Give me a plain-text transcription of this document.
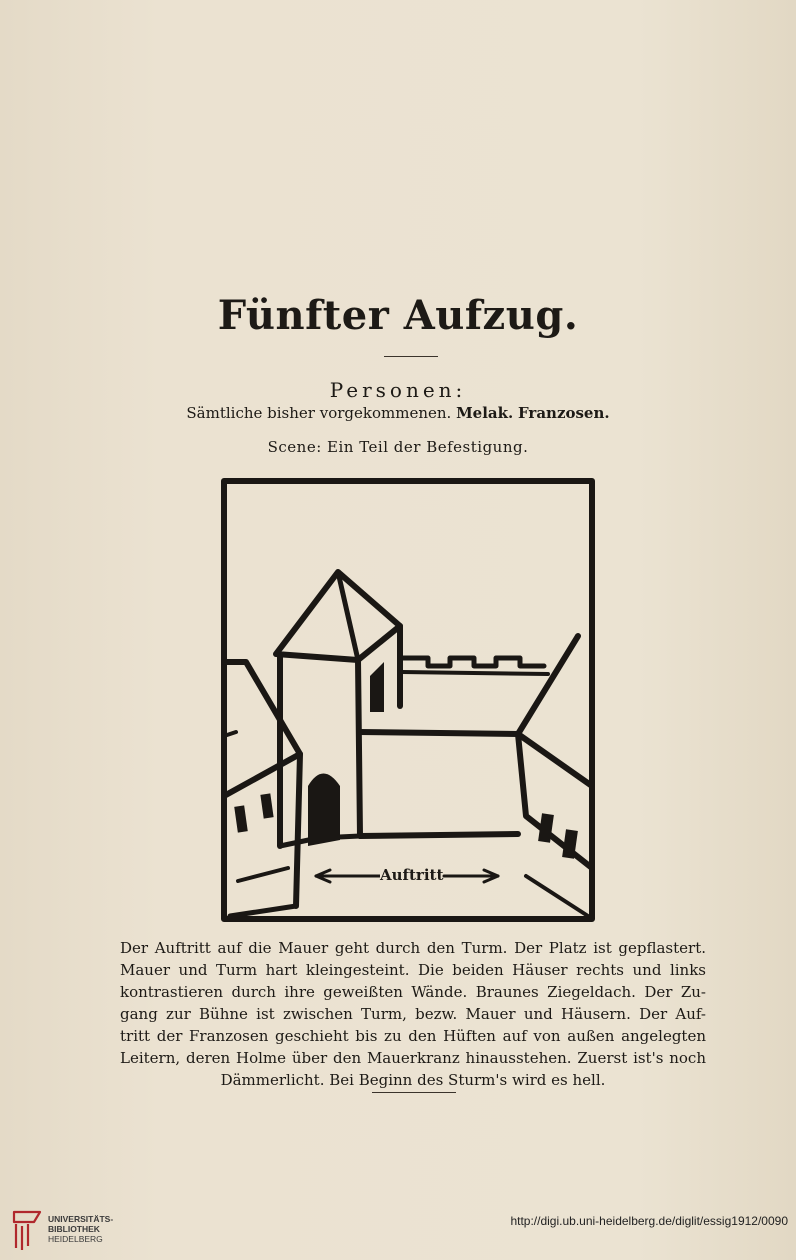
Fünfter Aufzug.
Personen:
Sämtliche bisher vorgekommenen. Melak. Franzosen.
Scene: Ein Teil der Befestigung.
Auftritt
Der Auftritt auf die Mauer geht durch den Turm. Der Platz ist gepflastert.
Mauer und Turm hart kleingesteint. Die beiden Häuser rechts und links
kontrastieren durch ihre geweißten Wände. Braunes Ziegeldach. Der Zu-
gang zur Bühne ist zwischen Turm, bezw. Mauer und Häusern. Der Auf-
tritt der Franzosen geschieht bis zu den Hüften auf von außen angelegten
Leitern, deren Holme über den Mauerkranz hinausstehen. Zuerst ist's noch
Dämmerlicht. Bei Beginn des Sturm's wird es hell.
UNIVERSITÄTS-
BIBLIOTHEK
HEIDELBERG
http://digi.ub.uni-heidelberg.de/diglit/essig1912/0090
